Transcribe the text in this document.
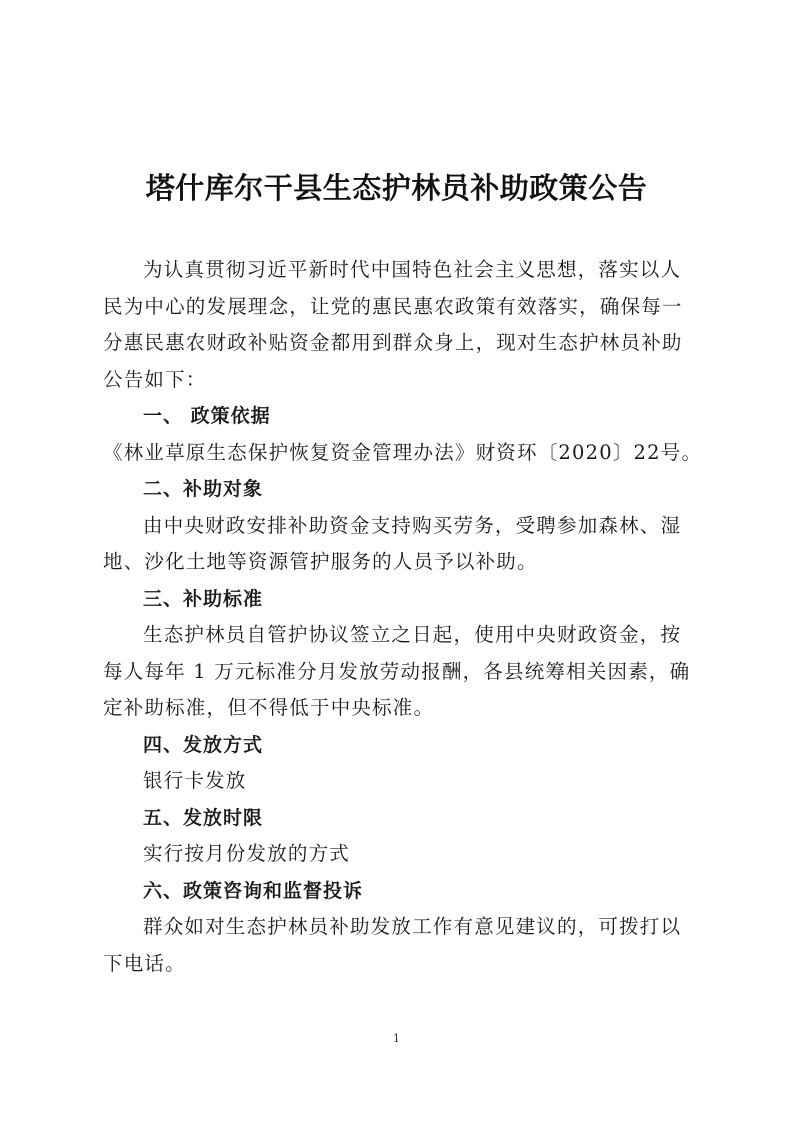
塔什库尔干县生态护林员补助政策公告
为认真贯彻习近平新时代中国特色社会主义思想，落实以人
民为中心的发展理念，让党的惠民惠农政策有效落实，确保每一
分惠民惠农财政补贴资金都用到群众身上，现对生态护林员补助
公告如下：
一、 政策依据
《林业草原生态保护恢复资金管理办法》财资环〔2020〕22号。
二、补助对象
由中央财政安排补助资金支持购买劳务，受聘参加森林、湿
地、沙化土地等资源管护服务的人员予以补助。
三、补助标准
生态护林员自管护协议签立之日起，使用中央财政资金，按
每人每年 1 万元标准分月发放劳动报酬，各县统筹相关因素，确
定补助标准，但不得低于中央标准。
四、发放方式
银行卡发放
五、发放时限
实行按月份发放的方式
六、政策咨询和监督投诉
群众如对生态护林员补助发放工作有意见建议的，可拨打以
下电话。
1
